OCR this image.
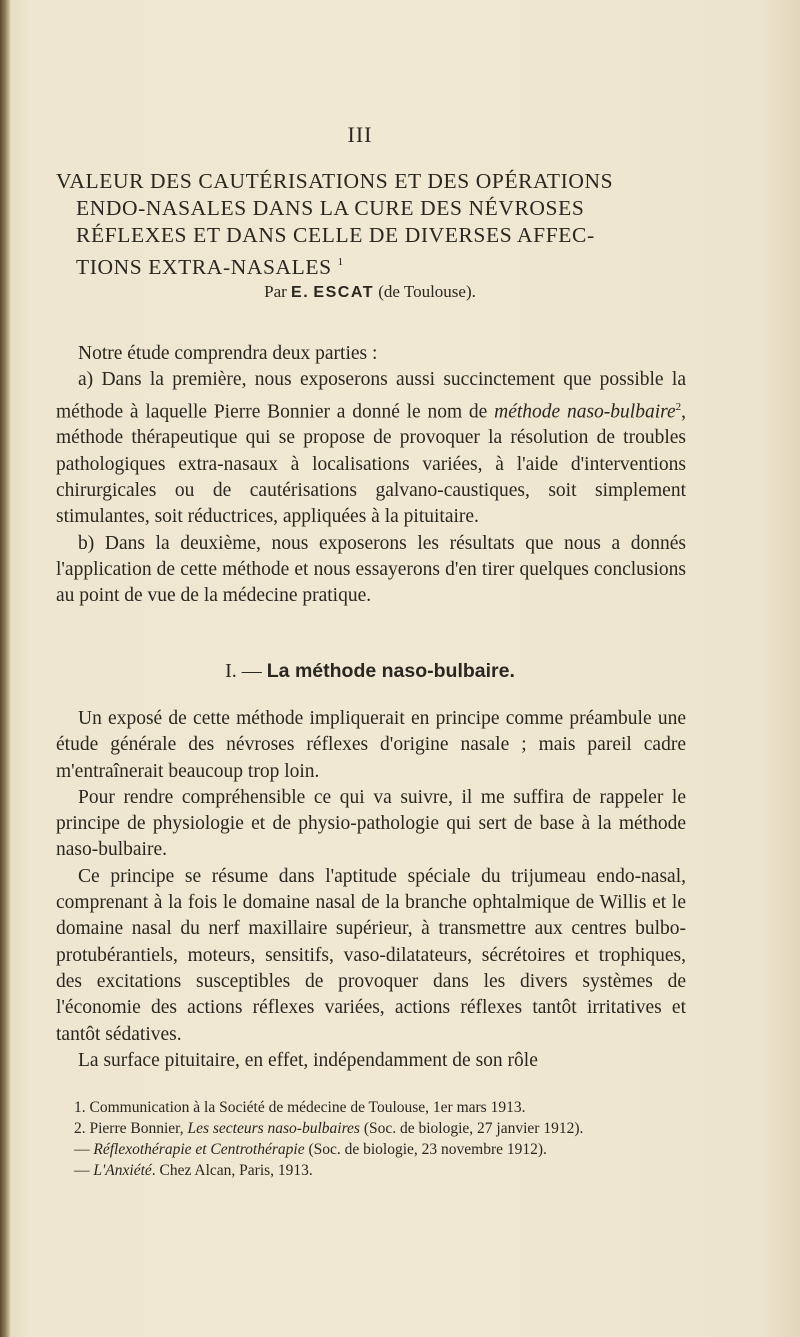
III
VALEUR DES CAUTÉRISATIONS ET DES OPÉRATIONS
ENDO-NASALES DANS LA CURE DES NÉVROSES
RÉFLEXES ET DANS CELLE DE DIVERSES AFFEC-
TIONS EXTRA-NASALES $^1$
Par E. ESCAT (de Toulouse).

Notre étude comprendra deux parties :

a) Dans la première, nous exposerons aussi succinctement que possible la méthode à laquelle Pierre Bonnier a donné le nom de méthode naso-bulbaire$^2$, méthode thérapeutique qui se propose de provoquer la résolution de troubles pathologiques extra-nasaux à localisations variées, à l'aide d'interventions chirurgicales ou de cautérisations galvano-caustiques, soit simplement stimulantes, soit réductrices, appliquées à la pituitaire.

b) Dans la deuxième, nous exposerons les résultats que nous a donnés l'application de cette méthode et nous essayerons d'en tirer quelques conclusions au point de vue de la médecine pratique.

I. — La méthode naso-bulbaire.

Un exposé de cette méthode impliquerait en principe comme préambule une étude générale des névroses réflexes d'origine nasale ; mais pareil cadre m'entraînerait beaucoup trop loin.

Pour rendre compréhensible ce qui va suivre, il me suffira de rappeler le principe de physiologie et de physio-pathologie qui sert de base à la méthode naso-bulbaire.

Ce principe se résume dans l'aptitude spéciale du trijumeau endo-nasal, comprenant à la fois le domaine nasal de la branche ophtalmique de Willis et le domaine nasal du nerf maxillaire supérieur, à transmettre aux centres bulbo-protubérantiels, moteurs, sensitifs, vaso-dilatateurs, sécrétoires et trophiques, des excitations susceptibles de provoquer dans les divers systèmes de l'économie des actions réflexes variées, actions réflexes tantôt irritatives et tantôt sédatives.

La surface pituitaire, en effet, indépendamment de son rôle

1. Communication à la Société de médecine de Toulouse, 1er mars 1913.

2. Pierre Bonnier, Les secteurs naso-bulbaires (Soc. de biologie, 27 janvier 1912).

— Réflexothérapie et Centrothérapie (Soc. de biologie, 23 novembre 1912).

— L'Anxiété. Chez Alcan, Paris, 1913.
